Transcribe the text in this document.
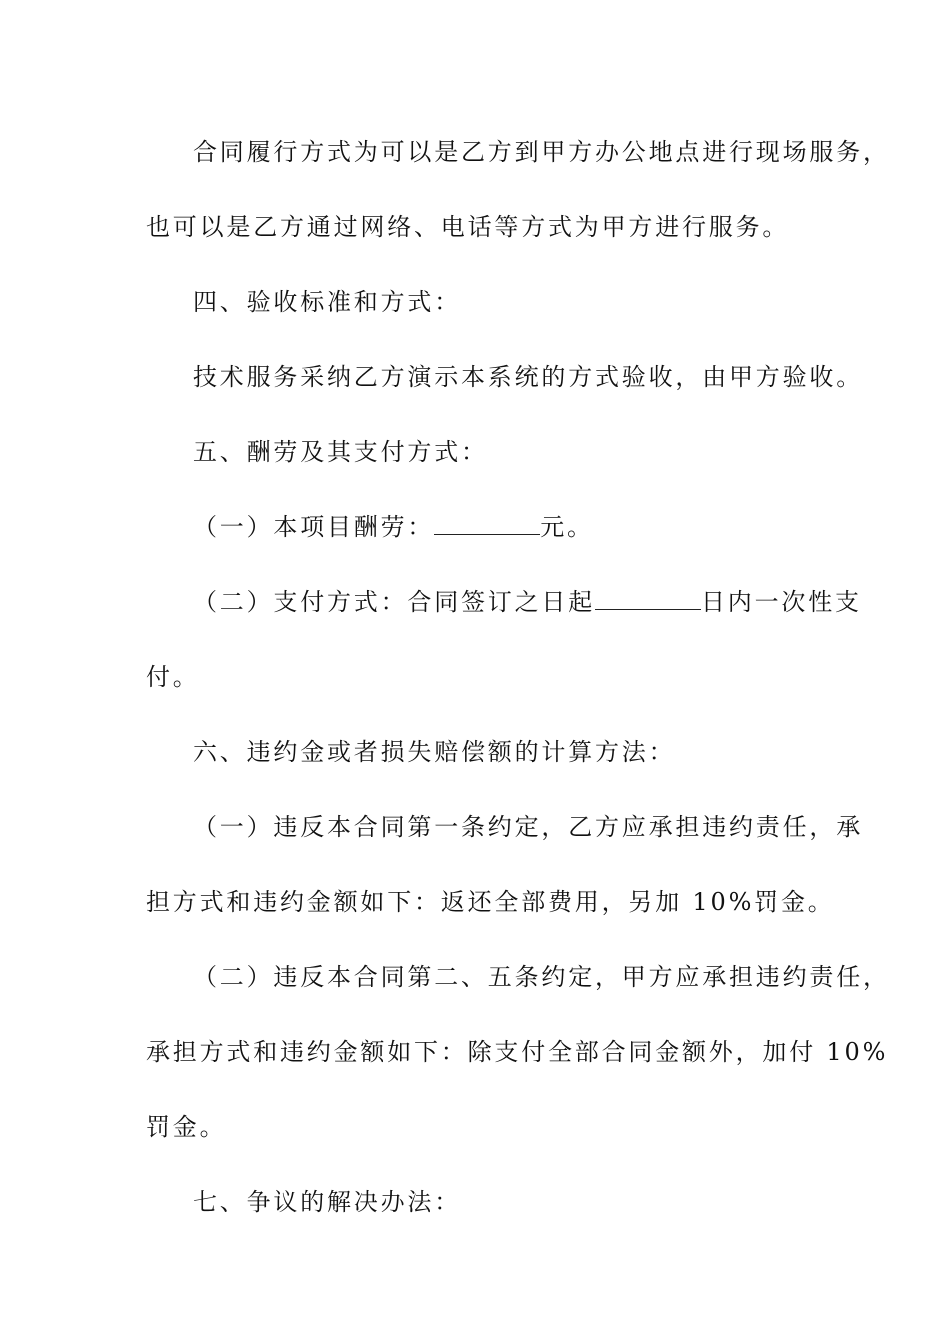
合同履行方式为可以是乙方到甲方办公地点进行现场服务，
也可以是乙方通过网络、电话等方式为甲方进行服务。
四、验收标准和方式：
技术服务采纳乙方演示本系统的方式验收，由甲方验收。
五、酬劳及其支付方式：
（一）本项目酬劳：	元。
（二）支付方式：合同签订之日起	日内一次性支
付。
六、违约金或者损失赔偿额的计算方法：
（一）违反本合同第一条约定，乙方应承担违约责任，承
担方式和违约金额如下：返还全部费用，另加 10%罚金。
（二）违反本合同第二、五条约定，甲方应承担违约责任，
承担方式和违约金额如下：除支付全部合同金额外，加付 10%
罚金。
七、争议的解决办法：
